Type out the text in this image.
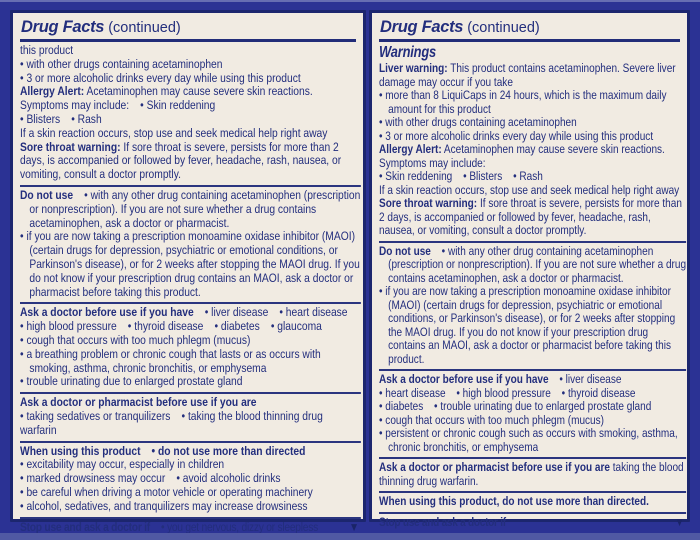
Drug Facts (continued)
this product
• with other drugs containing acetaminophen
• 3 or more alcoholic drinks every day while using this product
Allergy Alert: Acetaminophen may cause severe skin reactions.
Symptoms may include: • Skin reddening
• Blisters • Rash
If a skin reaction occurs, stop use and seek medical help right away
Sore throat warning: If sore throat is severe, persists for more than 2 days, is accompanied or followed by fever, headache, rash, nausea, or vomiting, consult a doctor promptly.
Do not use • with any other drug containing acetaminophen (prescription or nonprescription). If you are not sure whether a drug contains acetaminophen, ask a doctor or pharmacist.
• if you are now taking a prescription monoamine oxidase inhibitor (MAOI) (certain drugs for depression, psychiatric or emotional conditions, or Parkinson's disease), or for 2 weeks after stopping the MAOI drug. If you do not know if your prescription drug contains an MAOI, ask a doctor or pharmacist before taking this product.
Ask a doctor before use if you have • liver disease • heart disease
• high blood pressure • thyroid disease • diabetes • glaucoma
• cough that occurs with too much phlegm (mucus)
• a breathing problem or chronic cough that lasts or as occurs with smoking, asthma, chronic bronchitis, or emphysema
• trouble urinating due to enlarged prostate gland
Ask a doctor or pharmacist before use if you are
• taking sedatives or tranquilizers • taking the blood thinning drug warfarin
When using this product • do not use more than directed
• excitability may occur, especially in children
• marked drowsiness may occur • avoid alcoholic drinks
• be careful when driving a motor vehicle or operating machinery
• alcohol, sedatives, and tranquilizers may increase drowsiness
Stop use and ask a doctor if • you get nervous, dizzy or sleepless	▼
Drug Facts (continued)
Warnings
Liver warning: This product contains acetaminophen. Severe liver damage may occur if you take
• more than 8 LiquiCaps in 24 hours, which is the maximum daily amount for this product
• with other drugs containing acetaminophen
• 3 or more alcoholic drinks every day while using this product
Allergy Alert: Acetaminophen may cause severe skin reactions. Symptoms may include:
• Skin reddening • Blisters • Rash
If a skin reaction occurs, stop use and seek medical help right away
Sore throat warning: If sore throat is severe, persists for more than 2 days, is accompanied or followed by fever, headache, rash, nausea, or vomiting, consult a doctor promptly.
Do not use • with any other drug containing acetaminophen (prescription or nonprescription). If you are not sure whether a drug contains acetaminophen, ask a doctor or pharmacist.
• if you are now taking a prescription monoamine oxidase inhibitor (MAOI) (certain drugs for depression, psychiatric or emotional conditions, or Parkinson's disease), or for 2 weeks after stopping the MAOI drug. If you do not know if your prescription drug contains an MAOI, ask a doctor or pharmacist before taking this product.
Ask a doctor before use if you have • liver disease
• heart disease • high blood pressure • thyroid disease
• diabetes • trouble urinating due to enlarged prostate gland
• cough that occurs with too much phlegm (mucus)
• persistent or chronic cough such as occurs with smoking, asthma, chronic bronchitis, or emphysema
Ask a doctor or pharmacist before use if you are taking the blood thinning drug warfarin.
When using this product, do not use more than directed.
Stop use and ask a doctor if	▼
